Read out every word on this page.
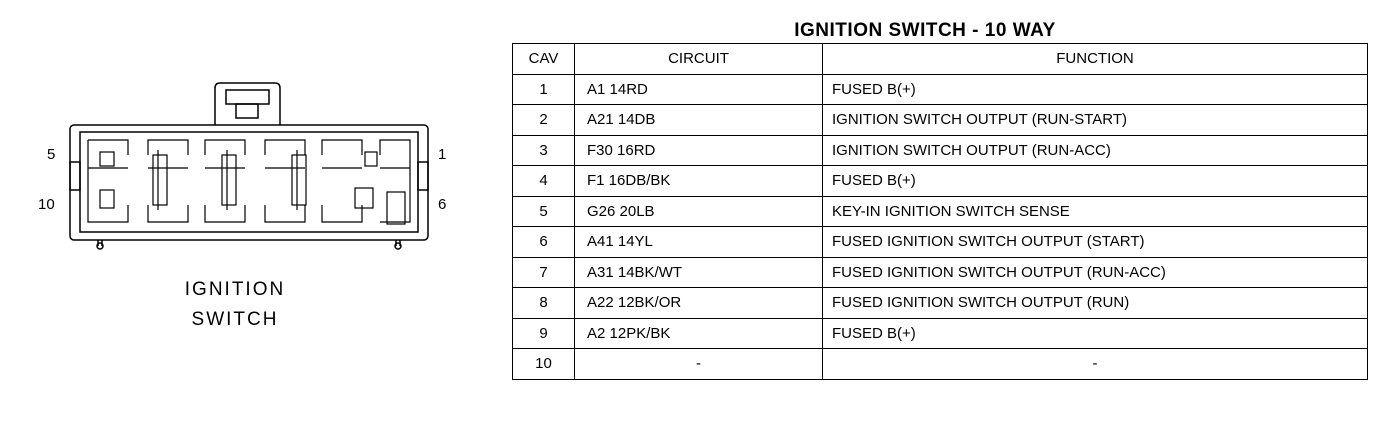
5
10
1
6
IGNITION
SWITCH
IGNITION SWITCH - 10 WAY
CAV	CIRCUIT	FUNCTION
1	A1 14RD	FUSED B(+)
2	A21 14DB	IGNITION SWITCH OUTPUT (RUN-START)
3	F30 16RD	IGNITION SWITCH OUTPUT (RUN-ACC)
4	F1 16DB/BK	FUSED B(+)
5	G26 20LB	KEY-IN IGNITION SWITCH SENSE
6	A41 14YL	FUSED IGNITION SWITCH OUTPUT (START)
7	A31 14BK/WT	FUSED IGNITION SWITCH OUTPUT (RUN-ACC)
8	A22 12BK/OR	FUSED IGNITION SWITCH OUTPUT (RUN)
9	A2 12PK/BK	FUSED B(+)
10	-	-
